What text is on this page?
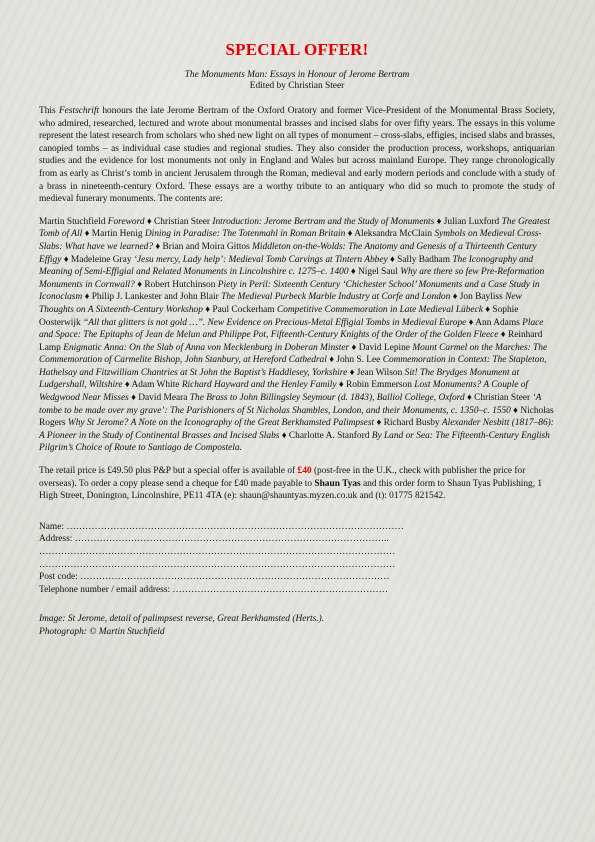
SPECIAL OFFER!
The Monuments Man: Essays in Honour of Jerome Bertram
Edited by Christian Steer

This Festschrift honours the late Jerome Bertram of the Oxford Oratory and former Vice-President of the Monumental Brass Society, who admired, researched, lectured and wrote about monumental brasses and incised slabs for over fifty years. The essays in this volume represent the latest research from scholars who shed new light on all types of monument – cross-slabs, effigies, incised slabs and brasses, canopied tombs – as individual case studies and regional studies. They also consider the production process, workshops, antiquarian studies and the evidence for lost monuments not only in England and Wales but across mainland Europe. They range chronologically from as early as Christ’s tomb in ancient Jerusalem through the Roman, medieval and early modern periods and conclude with a study of a brass in nineteenth-century Oxford. These essays are a worthy tribute to an antiquary who did so much to promote the study of medieval funerary monuments. The contents are:

Martin Stuchfield Foreword ♦ Christian Steer Introduction: Jerome Bertram and the Study of Monuments ♦ Julian Luxford The Greatest Tomb of All ♦ Martin Henig Dining in Paradise: The Totenmahl in Roman Britain ♦ Aleksandra McClain Symbols on Medieval Cross-Slabs: What have we learned? ♦ Brian and Moira Gittos Middleton on-the-Wolds: The Anatomy and Genesis of a Thirteenth Century Effigy ♦ Madeleine Gray ‘Jesu mercy, Lady help’: Medieval Tomb Carvings at Tintern Abbey ♦ Sally Badham The Iconography and Meaning of Semi-Effigial and Related Monuments in Lincolnshire c. 1275–c. 1400 ♦ Nigel Saul Why are there so few Pre-Reformation Monuments in Cornwall? ♦ Robert Hutchinson Piety in Peril: Sixteenth Century ‘Chichester School’ Monuments and a Case Study in Iconoclasm ♦ Philip J. Lankester and John Blair The Medieval Purbeck Marble Industry at Corfe and London ♦ Jon Bayliss New Thoughts on A Sixteenth-Century Workshop ♦ Paul Cockerham Competitive Commemoration in Late Medieval Lübeck ♦ Sophie Oosterwijk ‘‘All that glitters is not gold …’’. New Evidence on Precious-Metal Effigial Tombs in Medieval Europe ♦ Ann Adams Place and Space: The Epitaphs of Jean de Melun and Philippe Pot, Fifteenth-Century Knights of the Order of the Golden Fleece ♦ Reinhard Lamp Enigmatic Anna: On the Slab of Anna von Mecklenburg in Doberan Minster ♦ David Lepine Mount Carmel on the Marches: The Commemoration of Carmelite Bishop, John Stanbury, at Hereford Cathedral ♦ John S. Lee Commemoration in Context: The Stapleton, Hathelsay and Fitzwilliam Chantries at St John the Baptist’s Haddlesey, Yorkshire ♦ Jean Wilson Sit! The Brydges Monument at Ludgershall, Wiltshire ♦ Adam White Richard Hayward and the Henley Family ♦ Robin Emmerson Lost Monuments? A Couple of Wedgwood Near Misses ♦ David Meara The Brass to John Billingsley Seymour (d. 1843), Balliol College, Oxford ♦ Christian Steer ‘A tombe to be made over my grave’: The Parishioners of St Nicholas Shambles, London, and their Monuments, c. 1350–c. 1550 ♦ Nicholas Rogers Why St Jerome? A Note on the Iconography of the Great Berkhamsted Palimpsest ♦ Richard Busby Alexander Nesbitt (1817–86): A Pioneer in the Study of Continental Brasses and Incised Slabs ♦ Charlotte A. Stanford By Land or Sea: The Fifteenth-Century English Pilgrim’s Choice of Route to Santiago de Compostela.

The retail price is £49.50 plus P&P but a special offer is available of £40 (post-free in the U.K., check with publisher the price for overseas). To order a copy please send a cheque for £40 made payable to Shaun Tyas and this order form to Shaun Tyas Publishing, 1 High Street, Donington, Lincolnshire, PE11 4TA (e): shaun@shauntyas.myzen.co.uk and (t): 01775 821542.

Name: ………………………………………………………………………………………………
Address: ………………………………………………………………………………………..
……………………………………………………………………………………………………
……………………………………………………………………………………………………
Post code: ………………………………………………………………………………………
Telephone number / email address: ……………………………………………………………
Image: St Jerome, detail of palimpsest reverse, Great Berkhamsted (Herts.).
Photograph: © Martin Stuchfield
